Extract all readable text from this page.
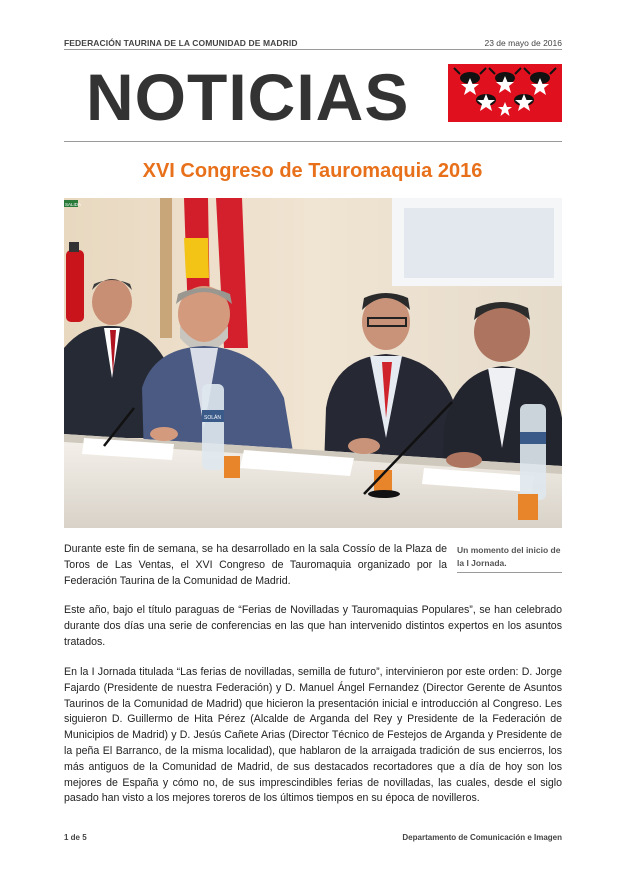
FEDERACIÓN TAURINA DE LA COMUNIDAD DE MADRID	23 de mayo de 2016
NOTICIAS
XVI Congreso de Tauromaquia 2016
SALIDA
SOLÁN

Durante este fin de semana, se ha desarrollado en la sala Cossío de la Plaza de Toros de Las Ventas, el XVI Congreso de Tauromaquia organizado por la Federación Taurina de la Comunidad de Madrid.

Un momento del inicio de la I Jornada.

Este año, bajo el título paraguas de “Ferias de Novilladas y Tauromaquias Populares”, se han celebrado durante dos días una serie de conferencias en las que han intervenido distintos expertos en los asuntos tratados.

En la I Jornada titulada “Las ferias de novilladas, semilla de futuro”, intervinieron por este orden: D. Jorge Fajardo (Presidente de nuestra Federación) y D. Manuel Ángel Fernandez (Director Gerente de Asuntos Taurinos de la Comunidad de Madrid) que hicieron la presentación inicial e introducción al Congreso. Les siguieron D. Guillermo de Hita Pérez (Alcalde de Arganda del Rey y Presidente de la Federación de Municipios de Madrid) y D. Jesús Cañete Arias (Director Técnico de Festejos de Arganda y Presidente de la peña El Barranco, de la misma localidad), que hablaron de la arraigada tradición de sus encierros, los más antiguos de la Comunidad de Madrid, de sus destacados recortadores que a día de hoy son los mejores de España y cómo no, de sus imprescindibles ferias de novilladas, las cuales, desde el siglo pasado han visto a los mejores toreros de los últimos tiempos en su época de novilleros.

1 de 5	Departamento de Comunicación e Imagen
